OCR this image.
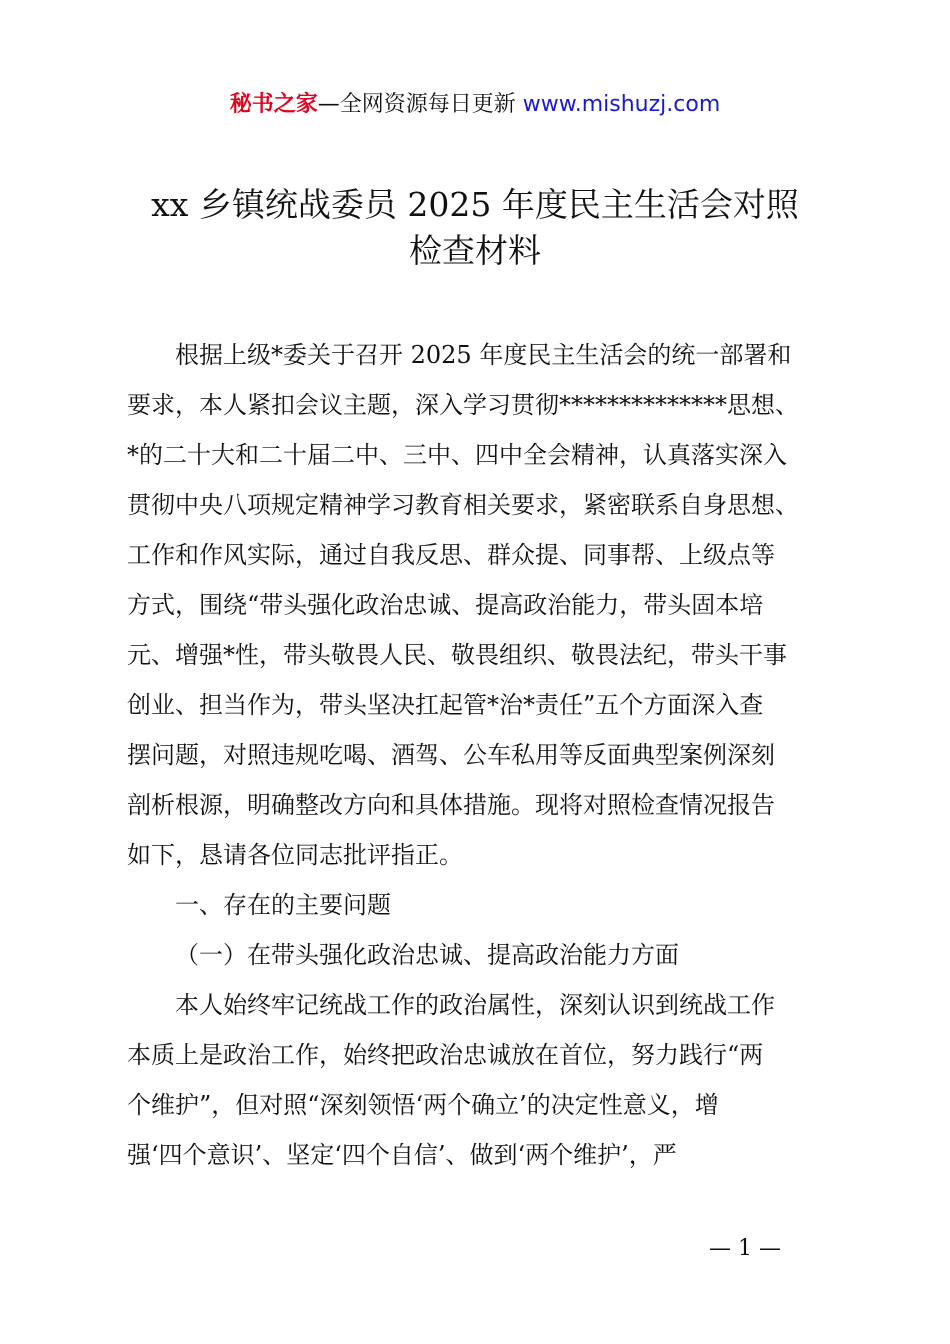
秘书之家—全网资源每日更新 www.mishuzj.com
xx 乡镇统战委员 2025 年度民主生活会对照
检查材料
根据上级*委关于召开 2025 年度民主生活会的统一部署和
要求，本人紧扣会议主题，深入学习贯彻**************思想、
*的二十大和二十届二中、三中、四中全会精神，认真落实深入
贯彻中央八项规定精神学习教育相关要求，紧密联系自身思想、
工作和作风实际，通过自我反思、群众提、同事帮、上级点等
方式，围绕“带头强化政治忠诚、提高政治能力，带头固本培
元、增强*性，带头敬畏人民、敬畏组织、敬畏法纪，带头干事
创业、担当作为，带头坚决扛起管*治*责任”五个方面深入查
摆问题，对照违规吃喝、酒驾、公车私用等反面典型案例深刻
剖析根源，明确整改方向和具体措施。现将对照检查情况报告
如下，恳请各位同志批评指正。
一、存在的主要问题
（一）在带头强化政治忠诚、提高政治能力方面
本人始终牢记统战工作的政治属性，深刻认识到统战工作
本质上是政治工作，始终把政治忠诚放在首位，努力践行“两
个维护”，但对照“深刻领悟‘两个确立’的决定性意义，增
强‘四个意识’、坚定‘四个自信’、做到‘两个维护’，严
— 1 —
